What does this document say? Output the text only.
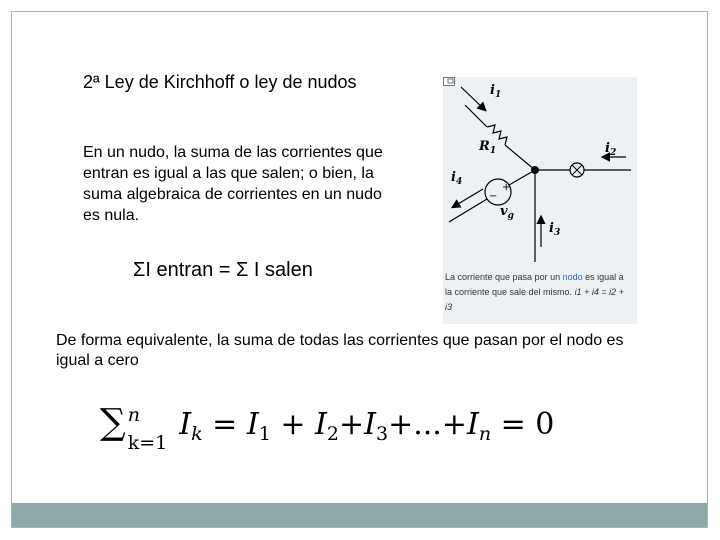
2ª Ley de Kirchhoff o ley de nudos

En un nudo, la suma de las corrientes que entran es igual a las que salen; o bien, la suma algebraica de corrientes en un nudo es nula.

ΣI entran = Σ I salen
+
−
$i_1$
$R_1$	$i_2$
$i_4$
$v_g$
$i_3$
La corriente que pasa por un nodo es igual a la corriente que sale del mismo. i1 + i4 = i2 + i3

De forma equivalente, la suma de todas las corrientes que pasan por el nodo es igual a cero

∑ n
k=1
$I_k = I_1 + I_2+I_3+...+I_n = 0$
